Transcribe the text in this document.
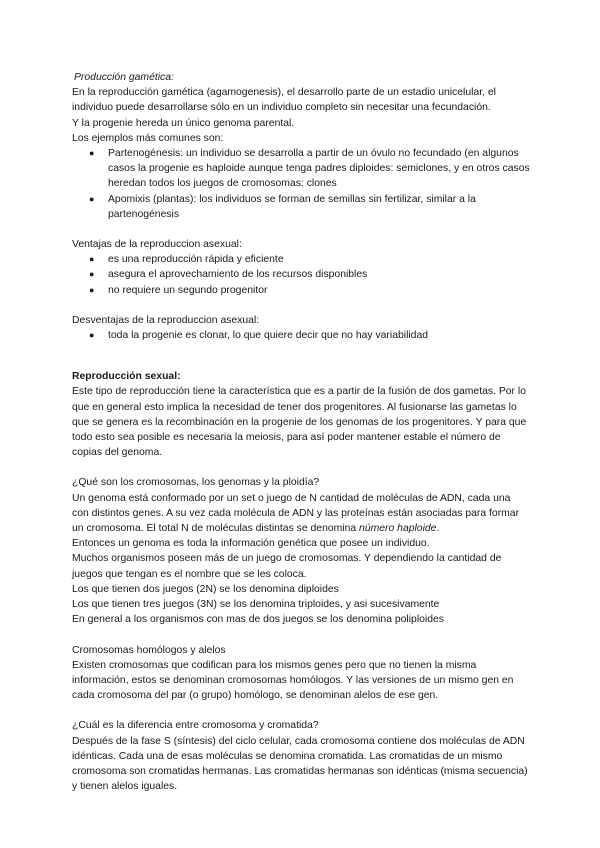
Producción gamética:

En la reproducción gamética (agamogenesis), el desarrollo parte de un estadio unicelular, el individuo puede desarrollarse sólo en un individuo completo sin necesitar una fecundación.

Y la progenie hereda un único genoma parental.

Los ejemplos más comunes son:

● Partenogénesis: un individuo se desarrolla a partir de un óvulo no fecundado (en algunos casos la progenie es haploide aunque tenga padres diploides: semiclones, y en otros casos heredan todos los juegos de cromosomas: clones
● Apomixis (plantas): los individuos se forman de semillas sin fertilizar, similar a la partenogénesis

Ventajas de la reproduccion asexual:

● es una reproducción rápida y eficiente
● asegura el aprovechamiento de los recursos disponibles
● no requiere un segundo progenitor

Desventajas de la reproduccion asexual:

● toda la progenie es clonar, lo que quiere decir que no hay variabilidad

Reproducción sexual:

Este tipo de reproducción tiene la característica que es a partir de la fusión de dos gametas. Por lo que en general esto implica la necesidad de tener dos progenitores. Al fusionarse las gametas lo que se genera es la recombinación en la progenie de los genomas de los progenitores. Y para que todo esto sea posible es necesaria la meiosis, para así poder mantener estable el número de copias del genoma.

¿Qué son los cromosomas, los genomas y la ploidía?

Un genoma está conformado por un set o juego de N cantidad de moléculas de ADN, cada una con distintos genes. A su vez cada molécula de ADN y las proteínas están asociadas para formar un cromosoma. El total N de moléculas distintas se denomina número haploide.

Entonces un genoma es toda la información genética que posee un individuo.

Muchos organismos poseen más de un juego de cromosomas. Y dependiendo la cantidad de juegos que tengan es el nombre que se les coloca.

Los que tienen dos juegos (2N) se los denomina diploides

Los que tienen tres juegos (3N) se los denomina triploides, y asi sucesivamente

En general a los organismos con mas de dos juegos se los denomina poliploides

Cromosomas homólogos y alelos

Existen cromosomas que codifican para los mismos genes pero que no tienen la misma información, estos se denominan cromosomas homólogos. Y las versiones de un mismo gen en cada cromosoma del par (o grupo) homólogo, se denominan alelos de ese gen.

¿Cuál es la diferencia entre cromosoma y cromatida?

Después de la fase S (síntesis) del ciclo celular, cada cromosoma contiene dos moléculas de ADN idénticas. Cada una de esas moléculas se denomina cromatida. Las cromatidas de un mismo cromosoma son cromatidas hermanas. Las cromatidas hermanas son idénticas (misma secuencia) y tienen alelos iguales.
